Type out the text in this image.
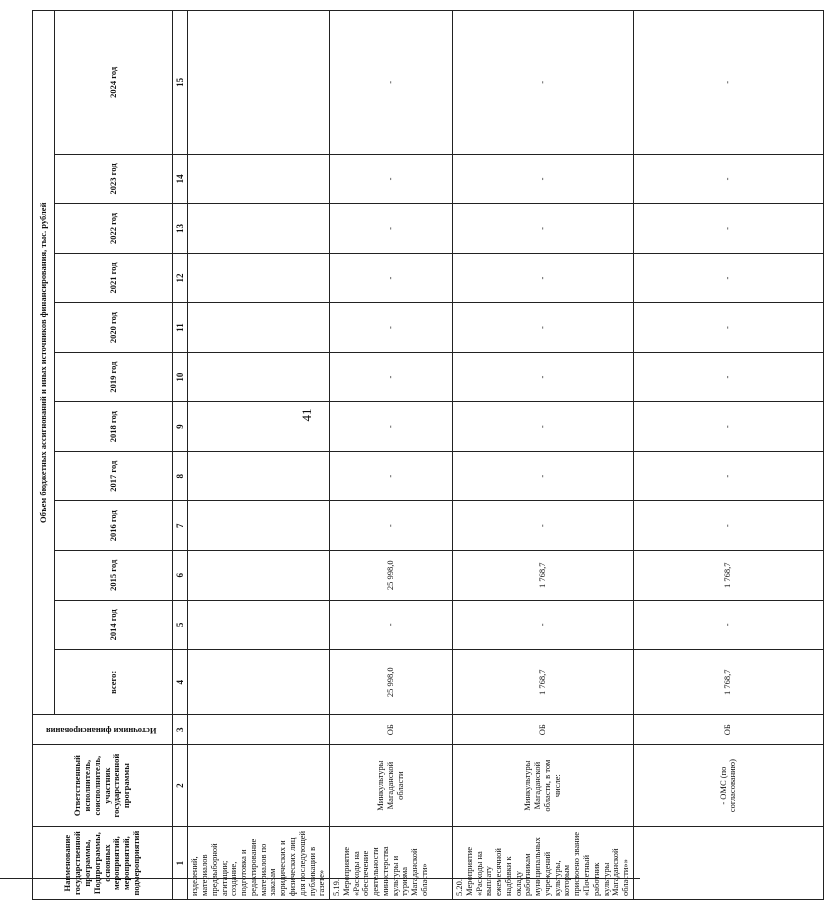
41
Наименование государственной программы, Подпрограммы, основных мероприятий, мероприятий, подмероприятий	Ответственный исполнитель, соисполнитель, участник государственной программы	Источники финансирования	Объем бюджетных ассигнований и иных источников финансирования, тыс. рублей											
			всего:	2014 год	2015 год	2016 год	2017 год	2018 год	2019 год	2020 год	2021 год	2022 год	2023 год	2024 год
1	2	3	4	5	6	7	8	9	10	11	12	13	14	15
изделений, материалов предвыборной агитации; создание, подготовка и редактирование материалов по заказам юридических и физических лиц для последующей публикации в газете»														
5.19. Мероприятие «Расходы на обеспечение деятельности министерства культуры и туризма Магаданской области»	Минкультуры Магаданской области	ОБ	25 998,0	-	25 998,0	-	-	-	-	-	-	-	-	-
5.20. Мероприятие «Расходы на выплату ежемесячной надбавки к окладу работникам муниципальных учреждений культуры, которым присвоено звание «Почетный работник культуры Магаданской области»»	Минкультуры Магаданской области, в том числе:	ОБ	1 768,7	-	1 768,7	-	-	-	-	-	-	-	-	-
	- ОМС (по согласованию)	ОБ	1 768,7	-	1 768,7	-	-	-	-	-	-	-	-	-
